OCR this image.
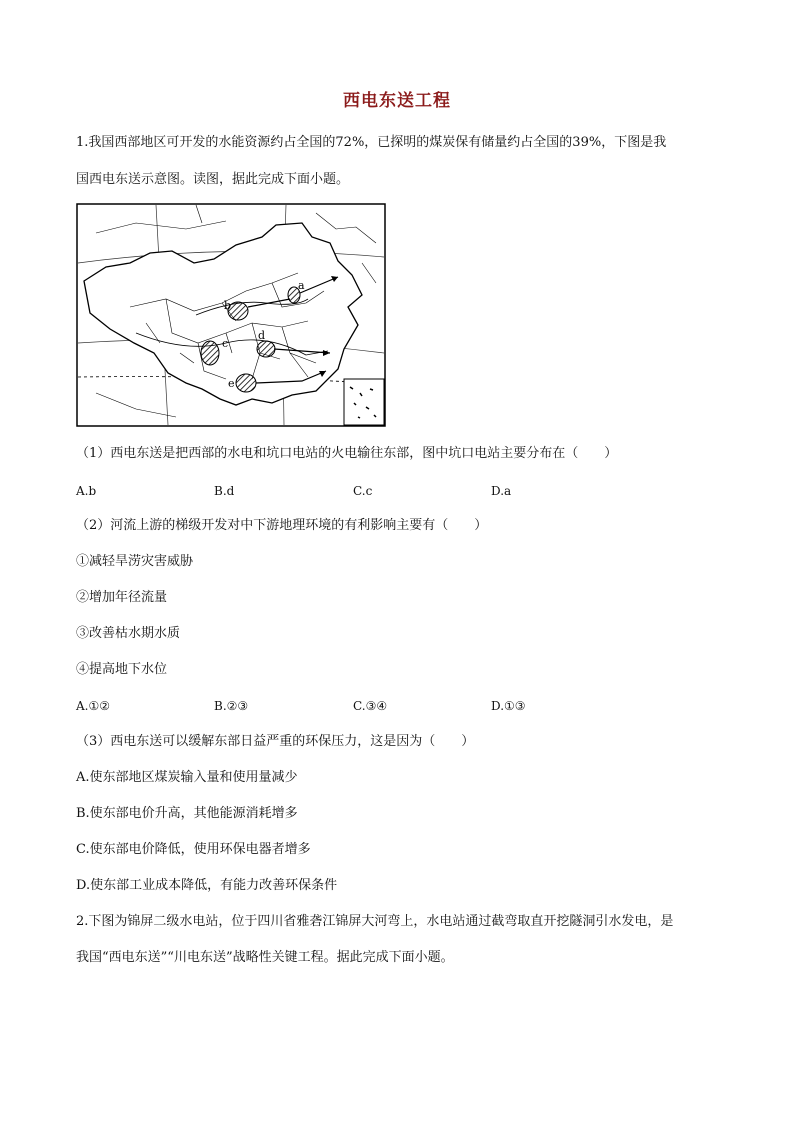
西电东送工程
1.我国西部地区可开发的水能资源约占全国的72%，已探明的煤炭保有储量约占全国的39%，下图是我
国西电东送示意图。读图，据此完成下面小题。
a
b
c
d
e
（1）西电东送是把西部的水电和坑口电站的火电输往东部，图中坑口电站主要分布在（　　）
A.b	B.d	C.c	D.a
（2）河流上游的梯级开发对中下游地理环境的有利影响主要有（　　）
①减轻旱涝灾害威胁
②增加年径流量
③改善枯水期水质
④提高地下水位
A.①②	B.②③	C.③④	D.①③
（3）西电东送可以缓解东部日益严重的环保压力，这是因为（　　）
A.使东部地区煤炭输入量和使用量减少
B.使东部电价升高，其他能源消耗增多
C.使东部电价降低，使用环保电器者增多
D.使东部工业成本降低，有能力改善环保条件
2.下图为锦屏二级水电站，位于四川省雅砻江锦屏大河弯上，水电站通过截弯取直开挖隧洞引水发电，是
我国“西电东送”“川电东送”战略性关键工程。据此完成下面小题。
